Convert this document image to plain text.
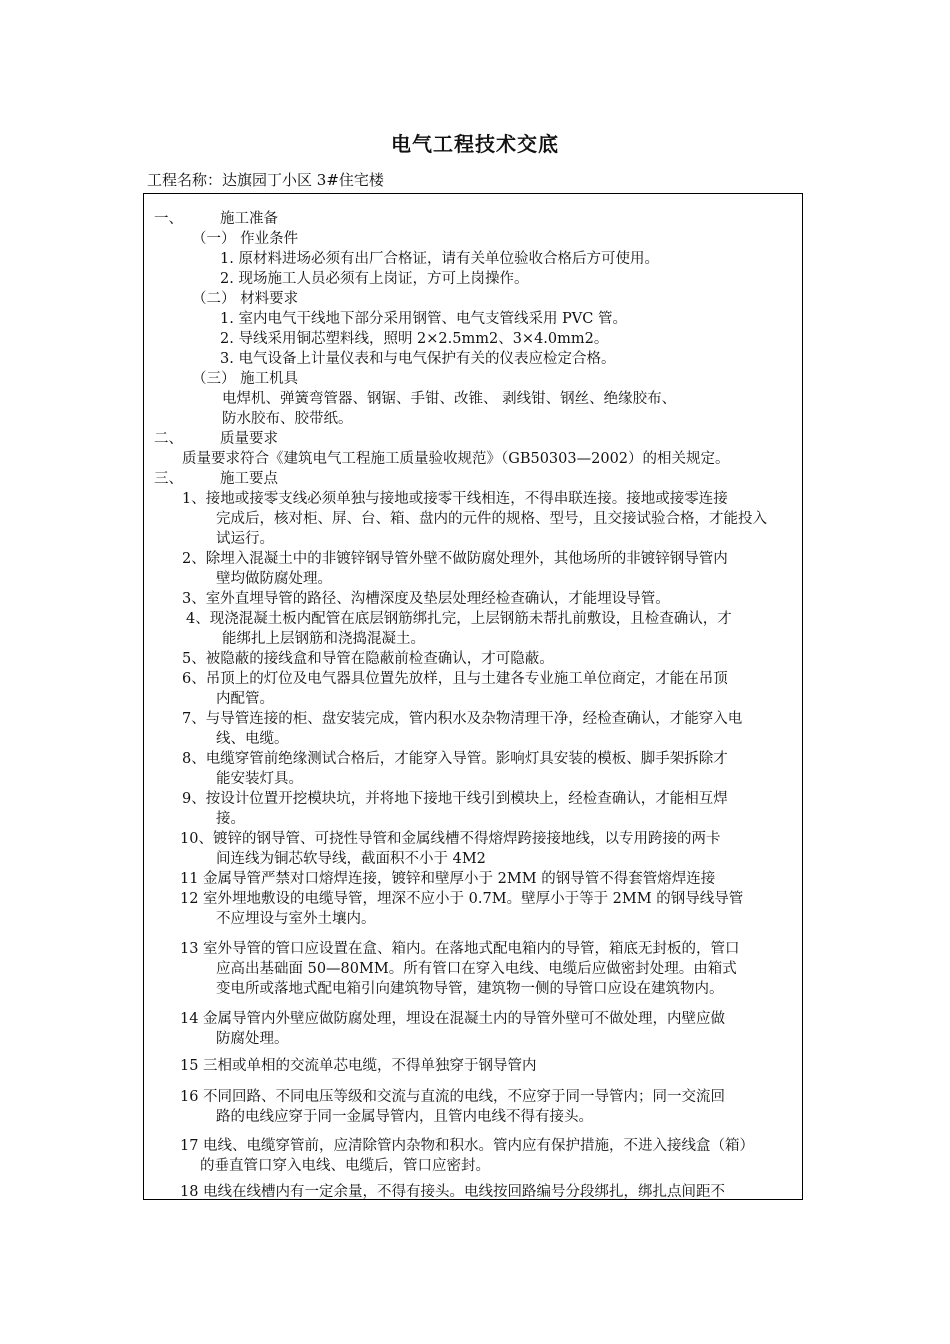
电气工程技术交底
工程名称：达旗园丁小区 3#住宅楼
一、	施工准备
（一） 作业条件
1. 原材料进场必须有出厂合格证，请有关单位验收合格后方可使用。
2. 现场施工人员必须有上岗证，方可上岗操作。
（二） 材料要求
1. 室内电气干线地下部分采用钢管、电气支管线采用 PVC 管。
2. 导线采用铜芯塑料线，照明 2×2.5mm2、3×4.0mm2。
3. 电气设备上计量仪表和与电气保护有关的仪表应检定合格。
（三） 施工机具
电焊机、弹簧弯管器、钢锯、手钳、改锥、 剥线钳、钢丝、绝缘胶布、
防水胶布、胶带纸。
二、	质量要求
质量要求符合《建筑电气工程施工质量验收规范》（GB50303—2002）的相关规定。
三、	施工要点
1、接地或接零支线必须单独与接地或接零干线相连，不得串联连接。接地或接零连接
完成后，核对柜、屏、台、箱、盘内的元件的规格、型号，且交接试验合格，才能投入
试运行。
2、除埋入混凝土中的非镀锌钢导管外壁不做防腐处理外，其他场所的非镀锌钢导管内
壁均做防腐处理。
3、室外直埋导管的路径、沟槽深度及垫层处理经检查确认，才能埋设导管。
4、现浇混凝土板内配管在底层钢筋绑扎完，上层钢筋未帮扎前敷设，且检查确认，才
能绑扎上层钢筋和浇捣混凝土。
5、被隐蔽的接线盒和导管在隐蔽前检查确认，才可隐蔽。
6、吊顶上的灯位及电气器具位置先放样，且与土建各专业施工单位商定，才能在吊顶
内配管。
7、与导管连接的柜、盘安装完成，管内积水及杂物清理干净，经检查确认，才能穿入电
线、电缆。
8、电缆穿管前绝缘测试合格后，才能穿入导管。影响灯具安装的模板、脚手架拆除才
能安装灯具。
9、按设计位置开挖模块坑，并将地下接地干线引到模块上，经检查确认，才能相互焊
接。
10、镀锌的钢导管、可挠性导管和金属线槽不得熔焊跨接接地线，以专用跨接的两卡
间连线为铜芯软导线，截面积不小于 4M2
11 金属导管严禁对口熔焊连接，镀锌和壁厚小于 2MM 的钢导管不得套管熔焊连接
12 室外埋地敷设的电缆导管，埋深不应小于 0.7M。壁厚小于等于 2MM 的钢导线导管
不应埋设与室外土壤内。
13 室外导管的管口应设置在盒、箱内。在落地式配电箱内的导管，箱底无封板的，管口
应高出基础面 50—80MM。所有管口在穿入电线、电缆后应做密封处理。由箱式
变电所或落地式配电箱引向建筑物导管，建筑物一侧的导管口应设在建筑物内。
14 金属导管内外壁应做防腐处理，埋设在混凝土内的导管外壁可不做处理，内壁应做
防腐处理。
15 三相或单相的交流单芯电缆，不得单独穿于钢导管内
16 不同回路、不同电压等级和交流与直流的电线，不应穿于同一导管内；同一交流回
路的电线应穿于同一金属导管内，且管内电线不得有接头。
17 电线、电缆穿管前，应清除管内杂物和积水。管内应有保护措施，不进入接线盒（箱）
的垂直管口穿入电线、电缆后，管口应密封。
18 电线在线槽内有一定余量，不得有接头。电线按回路编号分段绑扎，绑扎点间距不
